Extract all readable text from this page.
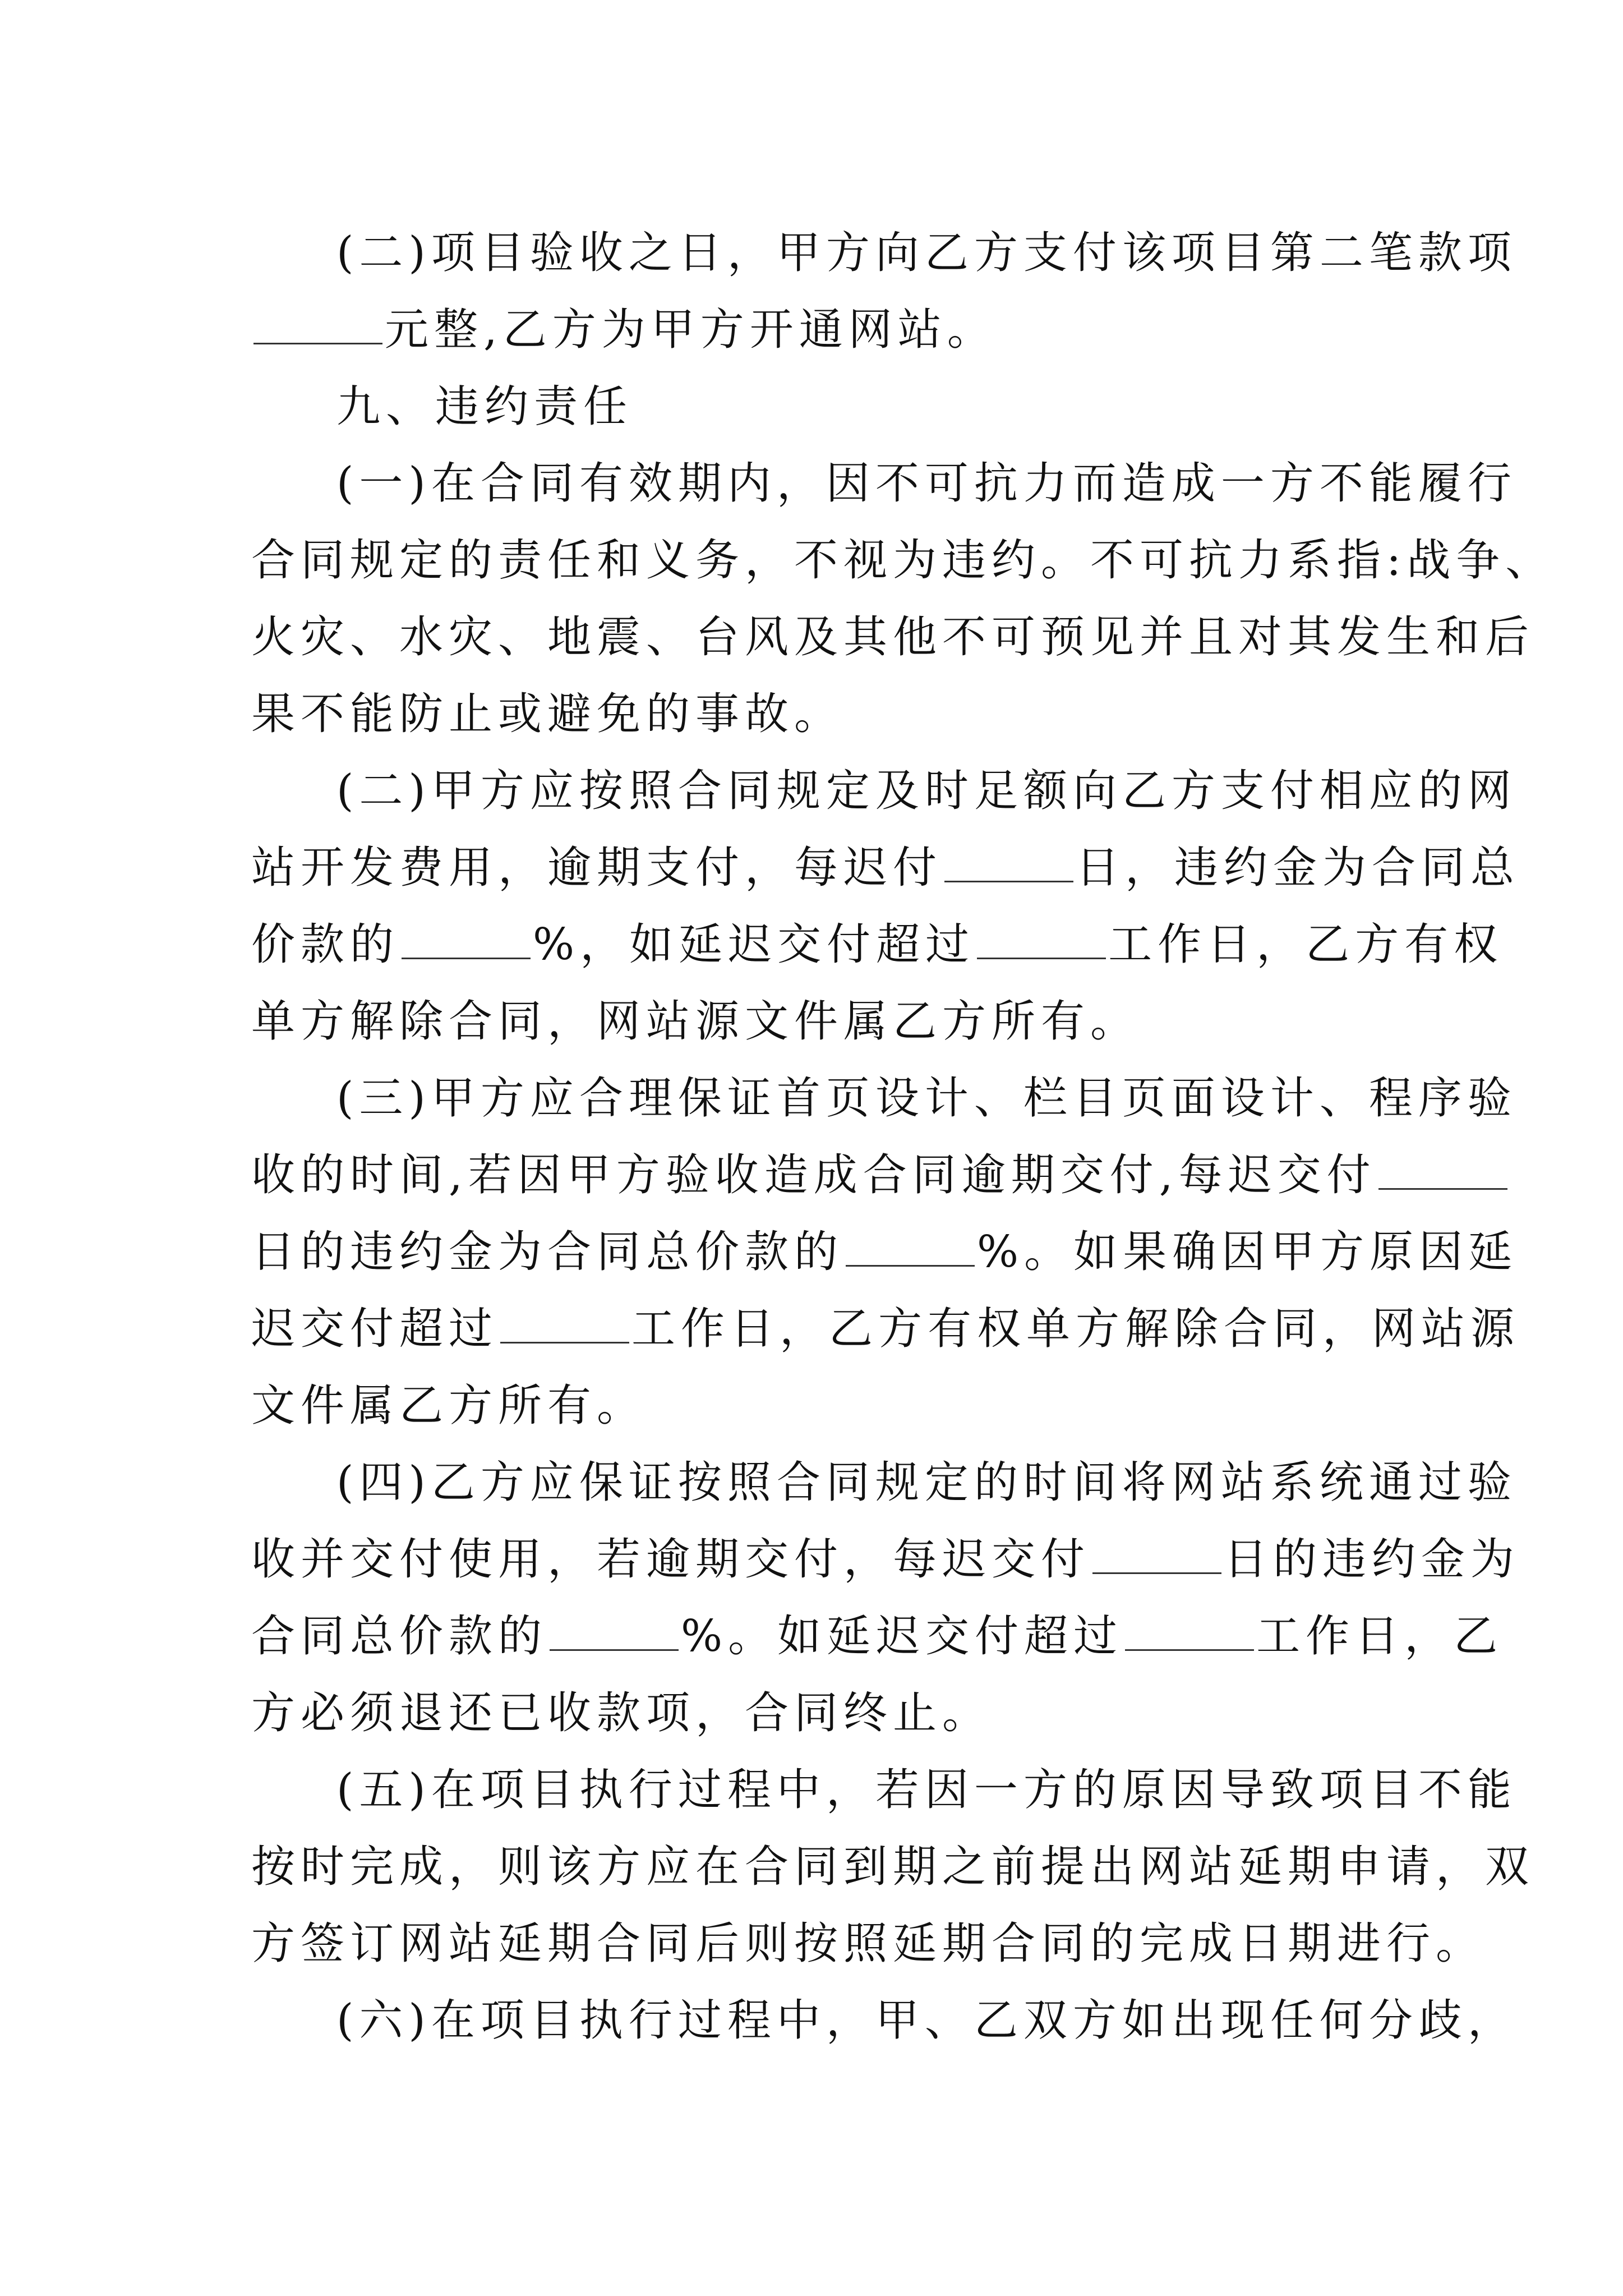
(二)项目验收之日，甲方向乙方支付该项目第二笔款项
元整,乙方为甲方开通网站。
九、违约责任
(一)在合同有效期内，因不可抗力而造成一方不能履行
合同规定的责任和义务，不视为违约。不可抗力系指:战争、
火灾、水灾、地震、台风及其他不可预见并且对其发生和后
果不能防止或避免的事故。
(二)甲方应按照合同规定及时足额向乙方支付相应的网
站开发费用，逾期支付，每迟付	日，违约金为合同总
价款的	%，如延迟交付超过	工作日，乙方有权
单方解除合同，网站源文件属乙方所有。
(三)甲方应合理保证首页设计、栏目页面设计、程序验
收的时间,若因甲方验收造成合同逾期交付,每迟交付
日的违约金为合同总价款的	%。如果确因甲方原因延
迟交付超过	工作日，乙方有权单方解除合同，网站源
文件属乙方所有。
(四)乙方应保证按照合同规定的时间将网站系统通过验
收并交付使用，若逾期交付，每迟交付	日的违约金为
合同总价款的	%。如延迟交付超过	工作日，乙
方必须退还已收款项，合同终止。
(五)在项目执行过程中，若因一方的原因导致项目不能
按时完成，则该方应在合同到期之前提出网站延期申请，双
方签订网站延期合同后则按照延期合同的完成日期进行。
(六)在项目执行过程中，甲、乙双方如出现任何分歧，
